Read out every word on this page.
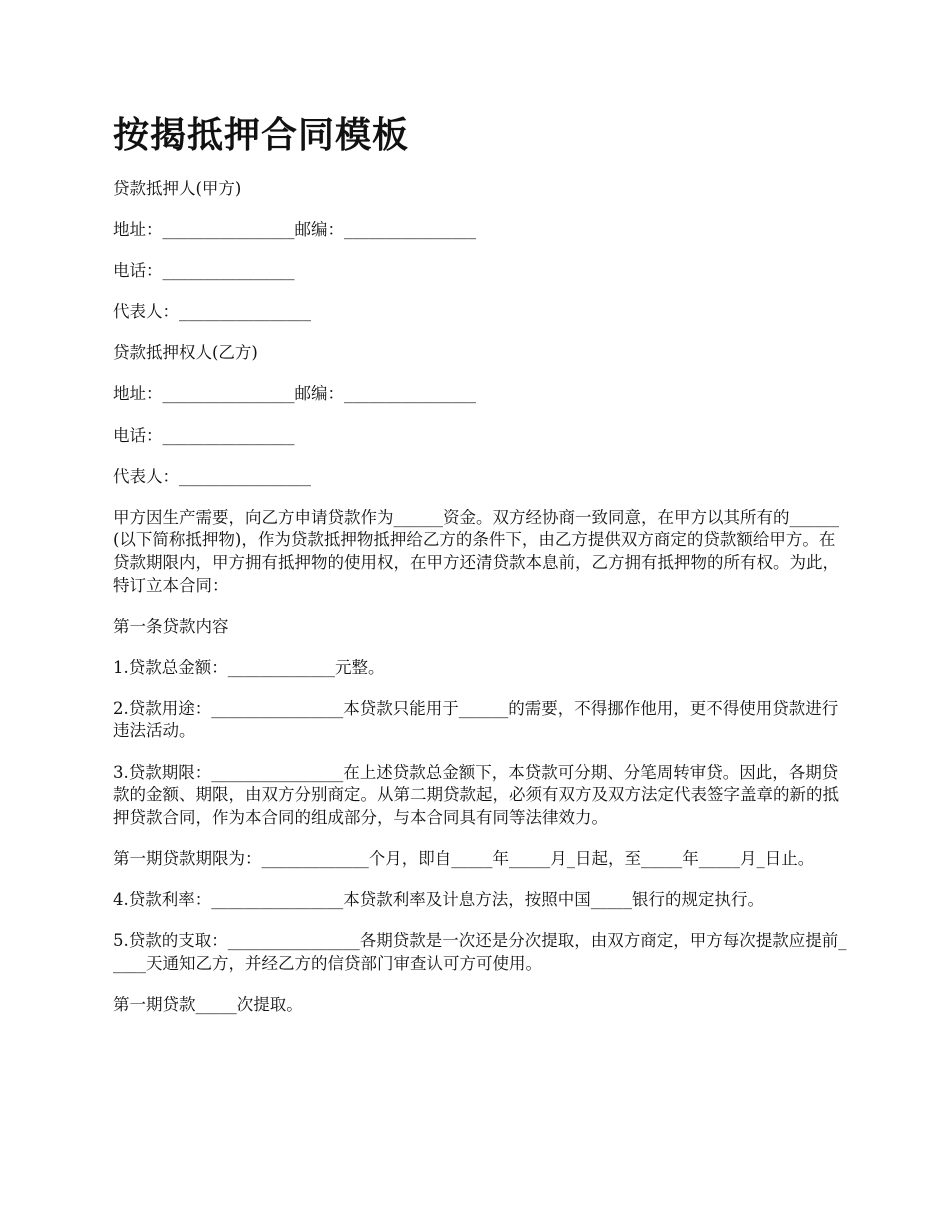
按揭抵押合同模板

贷款抵押人(甲方)

地址：________________邮编：________________

电话：________________

代表人：________________

贷款抵押权人(乙方)

地址：________________邮编：________________

电话：________________

代表人：________________

甲方因生产需要，向乙方申请贷款作为______资金。双方经协商一致同意，在甲方以其所有的______(以下简称抵押物)，作为贷款抵押物抵押给乙方的条件下，由乙方提供双方商定的贷款额给甲方。在贷款期限内，甲方拥有抵押物的使用权，在甲方还清贷款本息前，乙方拥有抵押物的所有权。为此，特订立本合同：

第一条贷款内容

1.贷款总金额：_____________元整。

2.贷款用途：________________本贷款只能用于______的需要，不得挪作他用，更不得使用贷款进行违法活动。

3.贷款期限：________________在上述贷款总金额下，本贷款可分期、分笔周转审贷。因此，各期贷款的金额、期限，由双方分别商定。从第二期贷款起，必须有双方及双方法定代表签字盖章的新的抵押贷款合同，作为本合同的组成部分，与本合同具有同等法律效力。

第一期贷款期限为：_____________个月，即自_____年_____月_日起，至_____年_____月_日止。

4.贷款利率：________________本贷款利率及计息方法，按照中国_____银行的规定执行。

5.贷款的支取：________________各期贷款是一次还是分次提取，由双方商定，甲方每次提款应提前_____天通知乙方，并经乙方的信贷部门审查认可方可使用。

第一期贷款_____次提取。
